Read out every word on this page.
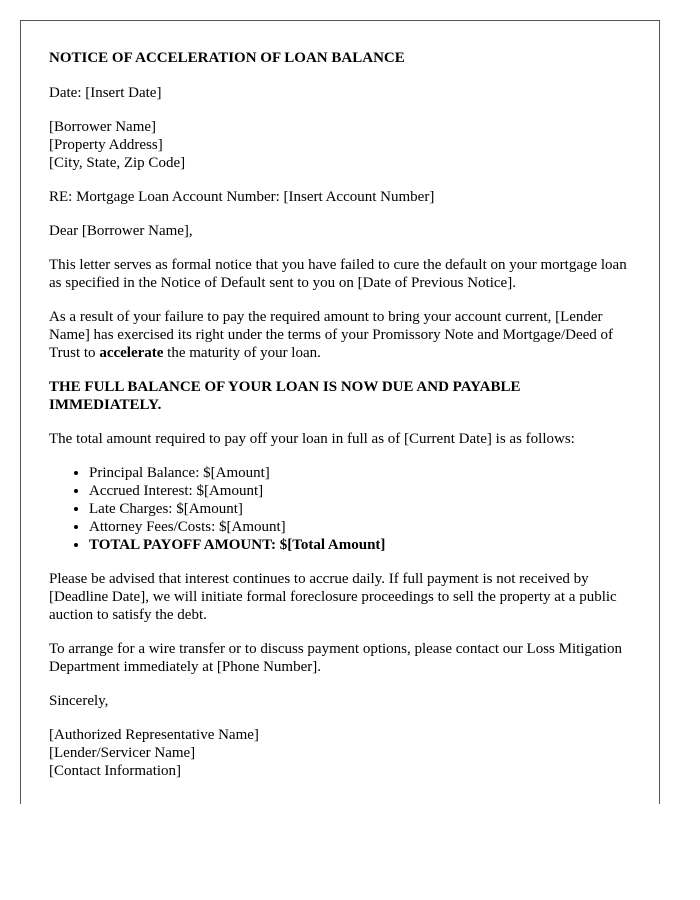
NOTICE OF ACCELERATION OF LOAN BALANCE

Date: [Insert Date]

[Borrower Name]

[Property Address]

[City, State, Zip Code]

RE: Mortgage Loan Account Number: [Insert Account Number]

Dear [Borrower Name],

This letter serves as formal notice that you have failed to cure the default on your mortgage loan as specified in the Notice of Default sent to you on [Date of Previous Notice].

As a result of your failure to pay the required amount to bring your account current, [Lender Name] has exercised its right under the terms of your Promissory Note and Mortgage/Deed of Trust to accelerate the maturity of your loan.

THE FULL BALANCE OF YOUR LOAN IS NOW DUE AND PAYABLE IMMEDIATELY.

The total amount required to pay off your loan in full as of [Current Date] is as follows:

• Principal Balance: $[Amount]
• Accrued Interest: $[Amount]
• Late Charges: $[Amount]
• Attorney Fees/Costs: $[Amount]
• TOTAL PAYOFF AMOUNT: $[Total Amount]

Please be advised that interest continues to accrue daily. If full payment is not received by [Deadline Date], we will initiate formal foreclosure proceedings to sell the property at a public auction to satisfy the debt.

To arrange for a wire transfer or to discuss payment options, please contact our Loss Mitigation Department immediately at [Phone Number].

Sincerely,

[Authorized Representative Name]

[Lender/Servicer Name]

[Contact Information]
